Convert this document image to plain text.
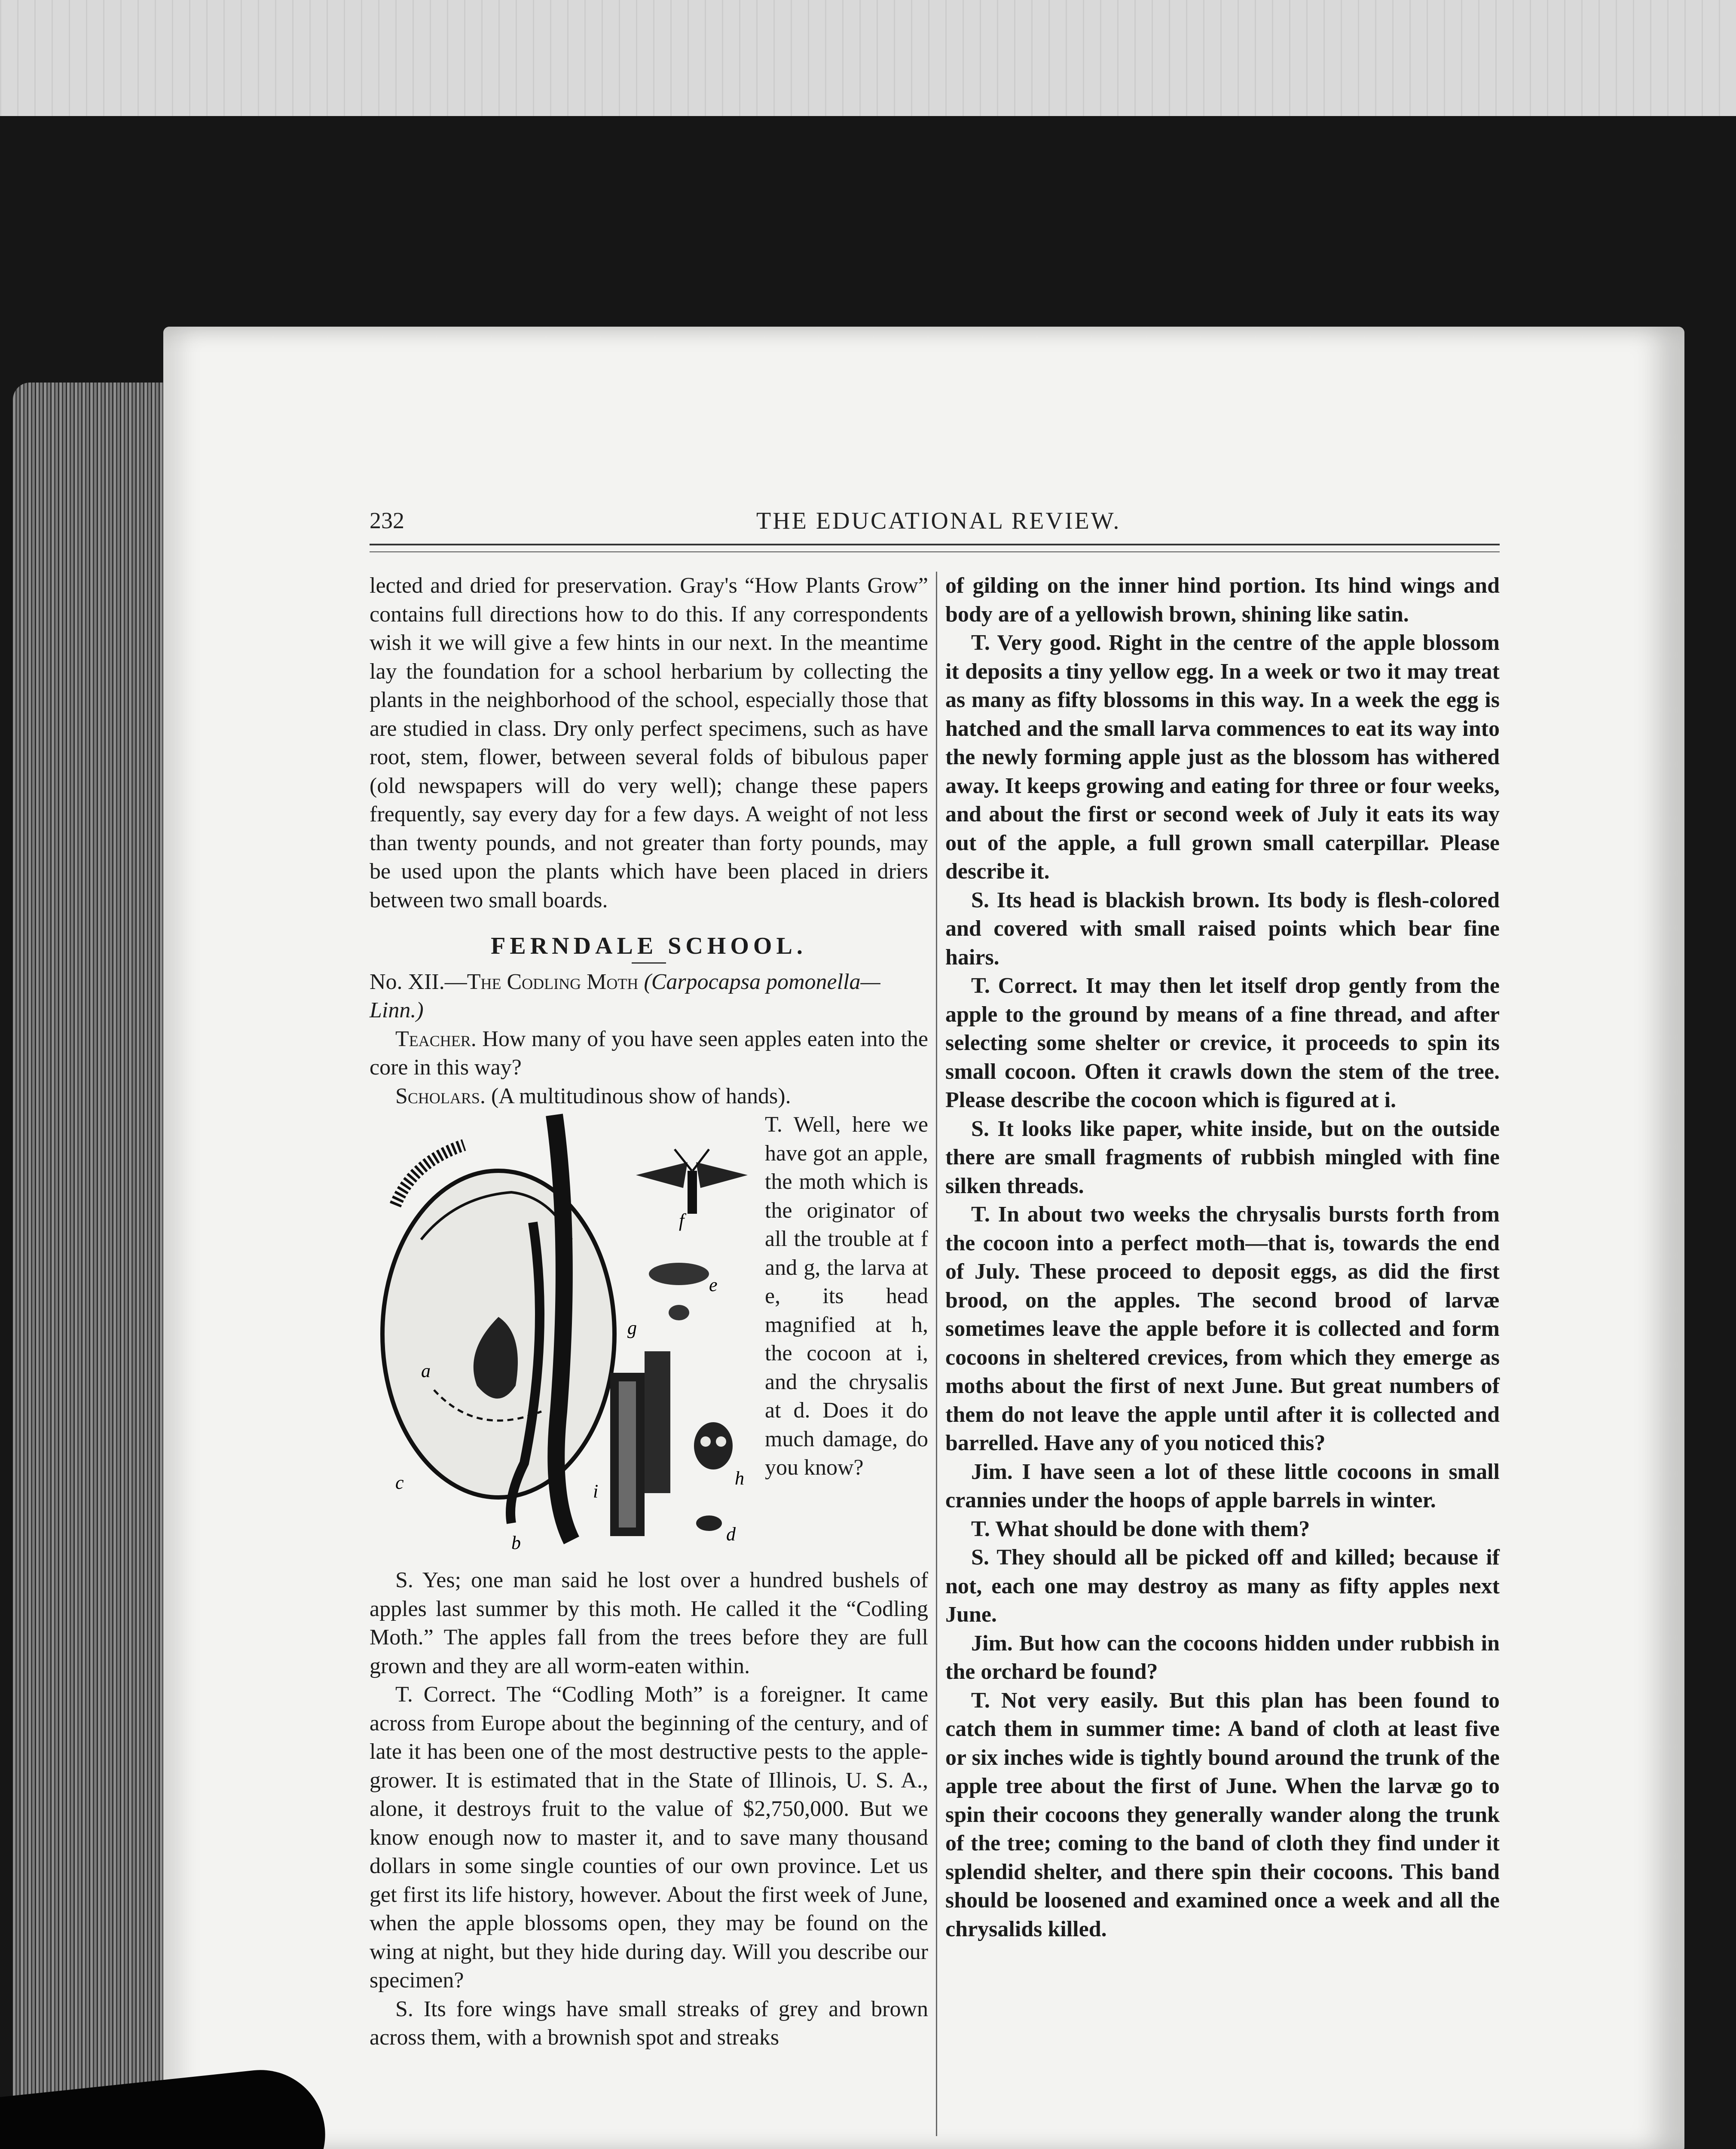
232	THE EDUCATIONAL REVIEW.

lected and dried for preservation. Gray's “How Plants Grow” contains full directions how to do this. If any correspondents wish it we will give a few hints in our next. In the meantime lay the foundation for a school herbarium by collecting the plants in the neighborhood of the school, especially those that are studied in class. Dry only perfect specimens, such as have root, stem, flower, between several folds of bibulous paper (old newspapers will do very well); change these papers frequently, say every day for a few days. A weight of not less than twenty pounds, and not greater than forty pounds, may be used upon the plants which have been placed in driers between two small boards.

FERNDALE SCHOOL.

No. XII.—The Codling Moth (Carpocapsa pomonella—Linn.)

Teacher. How many of you have seen apples eaten into the core in this way?

Scholars. (A multitudinous show of hands).

a
b
c
d
e
f
g
h
i

T. Well, here we have got an apple, the moth which is the originator of all the trouble at f and g, the larva at e, its head magnified at h, the cocoon at i, and the chrysalis at d. Does it do much damage, do you know?

S. Yes; one man said he lost over a hundred bushels of apples last summer by this moth. He called it the “Codling Moth.” The apples fall from the trees before they are full grown and they are all worm-eaten within.

T. Correct. The “Codling Moth” is a foreigner. It came across from Europe about the beginning of the century, and of late it has been one of the most destructive pests to the apple-grower. It is estimated that in the State of Illinois, U. S. A., alone, it destroys fruit to the value of $2,750,000. But we know enough now to master it, and to save many thousand dollars in some single counties of our own province. Let us get first its life history, however. About the first week of June, when the apple blossoms open, they may be found on the wing at night, but they hide during day. Will you describe our specimen?

S. Its fore wings have small streaks of grey and brown across them, with a brownish spot and streaks

of gilding on the inner hind portion. Its hind wings and body are of a yellowish brown, shining like satin.

T. Very good. Right in the centre of the apple blossom it deposits a tiny yellow egg. In a week or two it may treat as many as fifty blossoms in this way. In a week the egg is hatched and the small larva commences to eat its way into the newly forming apple just as the blossom has withered away. It keeps growing and eating for three or four weeks, and about the first or second week of July it eats its way out of the apple, a full grown small caterpillar. Please describe it.

S. Its head is blackish brown. Its body is flesh-colored and covered with small raised points which bear fine hairs.

T. Correct. It may then let itself drop gently from the apple to the ground by means of a fine thread, and after selecting some shelter or crevice, it proceeds to spin its small cocoon. Often it crawls down the stem of the tree. Please describe the cocoon which is figured at i.

S. It looks like paper, white inside, but on the outside there are small fragments of rubbish mingled with fine silken threads.

T. In about two weeks the chrysalis bursts forth from the cocoon into a perfect moth—that is, towards the end of July. These proceed to deposit eggs, as did the first brood, on the apples. The second brood of larvæ sometimes leave the apple before it is collected and form cocoons in sheltered crevices, from which they emerge as moths about the first of next June. But great numbers of them do not leave the apple until after it is collected and barrelled. Have any of you noticed this?

Jim. I have seen a lot of these little cocoons in small crannies under the hoops of apple barrels in winter.

T. What should be done with them?

S. They should all be picked off and killed; because if not, each one may destroy as many as fifty apples next June.

Jim. But how can the cocoons hidden under rubbish in the orchard be found?

T. Not very easily. But this plan has been found to catch them in summer time: A band of cloth at least five or six inches wide is tightly bound around the trunk of the apple tree about the first of June. When the larvæ go to spin their cocoons they generally wander along the trunk of the tree; coming to the band of cloth they find under it splendid shelter, and there spin their cocoons. This band should be loosened and examined once a week and all the chrysalids killed.
